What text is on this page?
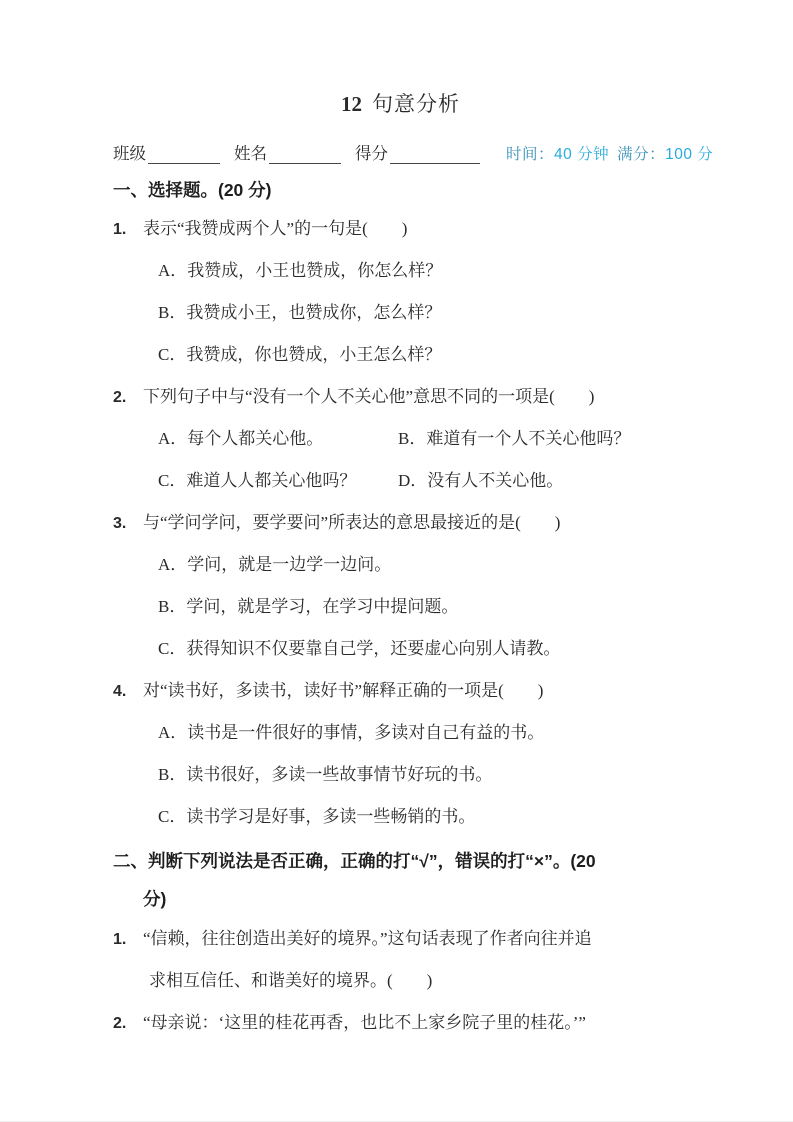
12 句意分析
班级	姓名	得分	时间：40 分钟 满分：100 分
一、选择题。(20 分)
1. 表示“我赞成两个人”的一句是(　　)
A．我赞成，小王也赞成，你怎么样？
B．我赞成小王，也赞成你，怎么样？
C．我赞成，你也赞成，小王怎么样？
2. 下列句子中与“没有一个人不关心他”意思不同的一项是(　　)
A．每个人都关心他。	B．难道有一个人不关心他吗？
C．难道人人都关心他吗？ D．没有人不关心他。
3. 与“学问学问，要学要问”所表达的意思最接近的是(　　)
A．学问，就是一边学一边问。
B．学问，就是学习，在学习中提问题。
C．获得知识不仅要靠自己学，还要虚心向别人请教。
4. 对“读书好，多读书，读好书”解释正确的一项是(　　)
A．读书是一件很好的事情，多读对自己有益的书。
B．读书很好，多读一些故事情节好玩的书。
C．读书学习是好事，多读一些畅销的书。
二、判断下列说法是否正确，正确的打“√”，错误的打“×”。(20
分)
1. “信赖，往往创造出美好的境界。”这句话表现了作者向往并追
求相互信任、和谐美好的境界。(　　)
2. “母亲说：‘这里的桂花再香，也比不上家乡院子里的桂花。’”
